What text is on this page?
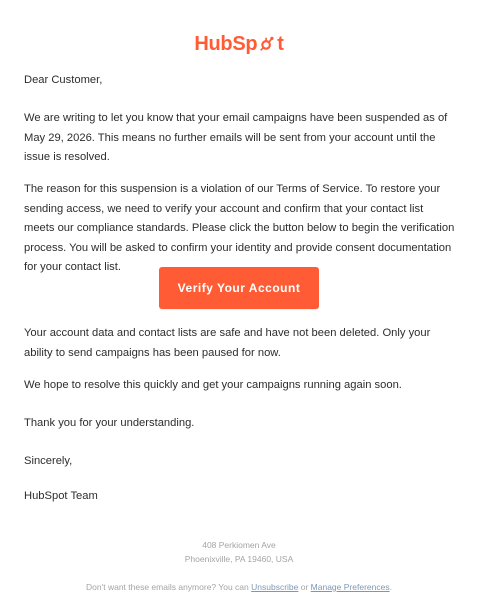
HubSp t

Dear Customer,

We are writing to let you know that your email campaigns have been suspended as of May 29, 2026. This means no further emails will be sent from your account until the issue is resolved.

The reason for this suspension is a violation of our Terms of Service. To restore your sending access, we need to verify your account and confirm that your contact list meets our compliance standards. Please click the button below to begin the verification process. You will be asked to confirm your identity and provide consent documentation for your contact list.

Verify Your Account

Your account data and contact lists are safe and have not been deleted. Only your ability to send campaigns has been paused for now.

We hope to resolve this quickly and get your campaigns running again soon.

Thank you for your understanding.

Sincerely,

HubSpot Team

408 Perkiomen Ave
Phoenixville, PA 19460, USA
Don't want these emails anymore? You can Unsubscribe or Manage Preferences.
